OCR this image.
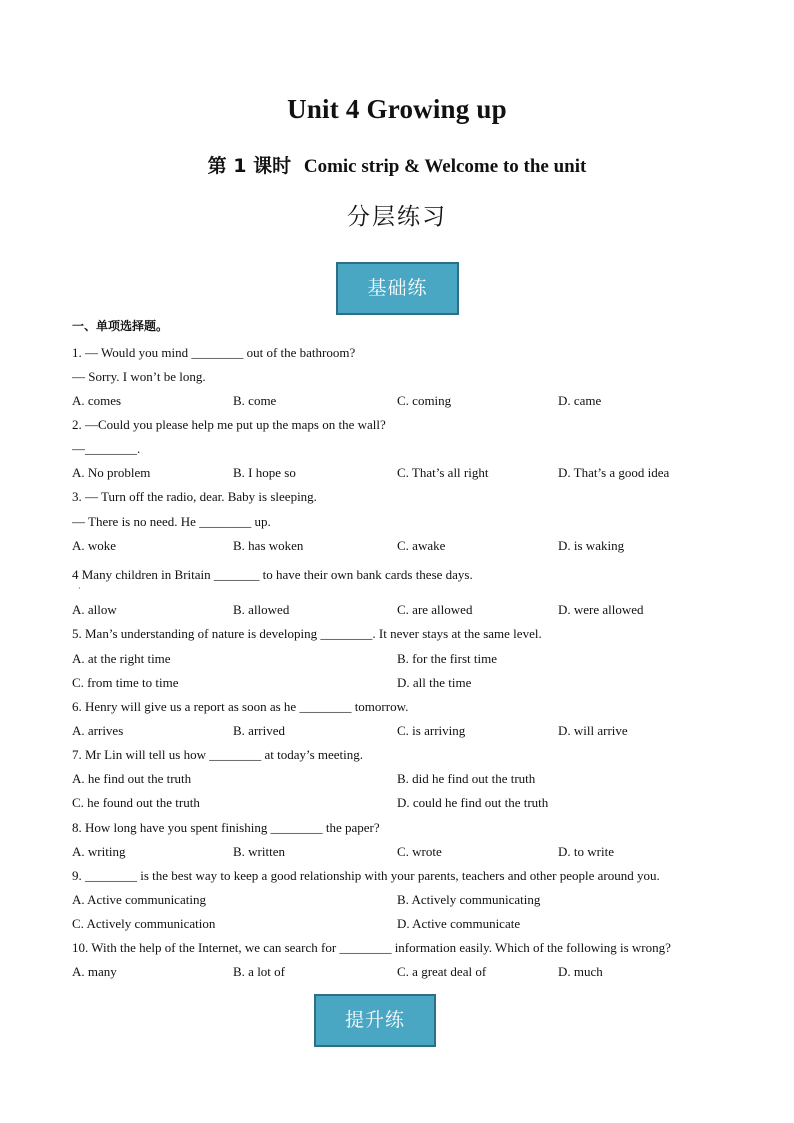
Unit 4 Growing up
第 1 课时 Comic strip & Welcome to the unit
分层练习
基础练
一、单项选择题。
1. — Would you mind ________ out of the bathroom?
— Sorry. I won’t be long.
A. comes	B. come	C. coming	D. came
2. —Could you please help me put up the maps on the wall?
—________.
A. No problem	B. I hope so	C. That’s all right	D. That’s a good idea
3. — Turn off the radio, dear. Baby is sleeping.
— There is no need. He ________ up.
A. woke	B. has woken	C. awake	D. is waking
4 Many children in Britain _______ to have their own bank cards these days.
·
A. allow	B. allowed	C. are allowed	D. were allowed
5. Man’s understanding of nature is developing ________. It never stays at the same level.
A. at the right time	B. for the first time
C. from time to time	D. all the time
6. Henry will give us a report as soon as he ________ tomorrow.
A. arrives	B. arrived	C. is arriving	D. will arrive
7. Mr Lin will tell us how ________ at today’s meeting.
A. he find out the truth	B. did he find out the truth
C. he found out the truth	D. could he find out the truth
8. How long have you spent finishing ________ the paper?
A. writing	B. written	C. wrote	D. to write
9. ________ is the best way to keep a good relationship with your parents, teachers and other people around you.
A. Active communicating	B. Actively communicating
C. Actively communication	D. Active communicate
10. With the help of the Internet, we can search for ________ information easily. Which of the following is wrong?
A. many	B. a lot of	C. a great deal of	D. much
提升练
